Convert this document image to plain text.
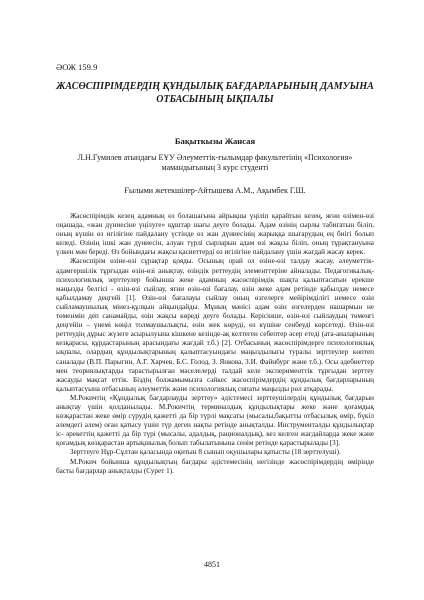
ӘОЖ 159.9
ЖАСӨСПІРІМДЕРДІҢ ҚҰНДЫЛЫҚ БАҒДАРЛАРЫНЫҢ ДАМУЫНА
ОТБАСЫНЫҢ ЫҚПАЛЫ
Бақыткызы Жансая
Л.Н.Гумилев атындағы ЕҰУ Әлеуметтік-ғылымдар факультетінің «Психология»
мамандығының 3 курс студенті
Ғылыми жетекшілер-Айтышева А.М., Ақымбек Г.Ш.

Жасөспірімдік кезең адамның өз болашағына айрықша үңіліп қарайтын кезең, яғни өзімен-өзі оңашада, «жан дүниесіне үңілуге» құштар шағы деуге болады. Адам өзінің сырлы табиғатын біліп, оның күшін өз игілігіне пайдалану үстінде өз жан дүниесінің жарыққа шығарудың ең биігі болып келеді. Өзінің ішкі жан дүниесін, алуан түрлі сырларын адам өзі жақсы біліп, оның тұрақтануына үлкен мән береді. Өз бойындағы жақсы қасиеттерді өз игілігіне пайдалану үшін жағдай жасау керек.

Жасөспірім өзіне-өзі сұрақтар қояды. Осының орай ол өзіне-өзі талдау жасау, әлеуметтік-адамгершілік тұрғыдан өзін-өзі анықтау, өзіндік реттеудің элементтеріне айналады. Педагогикалық-психологиялық зерттеулер бойынша жеке адамның жасөспірімдік шақта қалыптасатын ерекше маңызды белгісі - өзін-өзі сыйлау, яғни өзін-өзі бағалау, өзін жеке адам ретінде қабылдау немесе қабылдамау деңгейі [1]. Өзін-өзі бағалауы сыйлау оның өзгелерге мейірімділігі немесе өзін сыйламаушылық мінез-құлқын айқындайды. Мұның мәнісі адам өзін өзгелерден нашармын не төменмін деп санамайды, өзін жақсы көреді деуге болады. Керісінше, өзін-өзі сыйлаудың төменгі деңгейін – үнемі көңіл толмаушылықты, өзін жек көруді, өз күшіне сенбеуді көрсетеді. Өзін-өзі реттеудің дұрыс жүзеге асырылуына кішкене кезінде-ақ келтеген себептер әсер етеді (ата-аналарының кезқарасы, құрдастарының арасындағы жағдай т.б.) [2]. Отбасының жасөспірімдерге психологиялық ықпалы, олардың құндылықтарының қалыптасуындағы маңыздылығы туралы зерттеулер көптеп саналады (В.П. Парыгин, А.Г. Харчев, Б.С. Голод, З. Янкова, З.И. Файнбург және т.б.). Осы әдебиеттер мен теориялықтарды тарастырылған мәселелерді талдай келе эксперименттік тұрғыдан зерттеу жасауды мақсат еттік. Біздің болжамымызға сәйкес жасөспірімдердің құндылық бағдарларының қалыптасуына отбасының әлеуметтік және психологиялық сипаты маңызды рөл атқарады.

М.Рокичтің «Құндылық бағдарлауды зерттеу» әдістемесі зерттеушілердің құндылық бағдарын анықтау үшін қолданылады. М.Рокичтің терминалдық құндылықтары жеке және қоғамдық көзқарастан жеке өмір сүрудің қажетті да бір түрлі мақсаты (мысалы,бақытты отбасылық өмір, бүкіл әлемдегі алем) оған қатысу үшін түр деген нақты ретінде анықталды. Инструменталды құндылықтар іс- әрекеттің қажетті да бір түрі (мысалы, адалдық, рационалдық), кез келген жағдайларда жеке және қоғамдық көзқарастан артықшылық болып табылатынына сенім ретінде қарастырылады [3].

Зерттеуге Нұр-Сұлтан қаласында оқитын 8 сынып оқушылары қатысты (18 зерттелуші).

М.Рокич бойынша құндылықтың бағдары әдістемесінің негізінде жасөспірімдердің өмірінде басты бағдарлар анықталды (Сурет 1).

4851
